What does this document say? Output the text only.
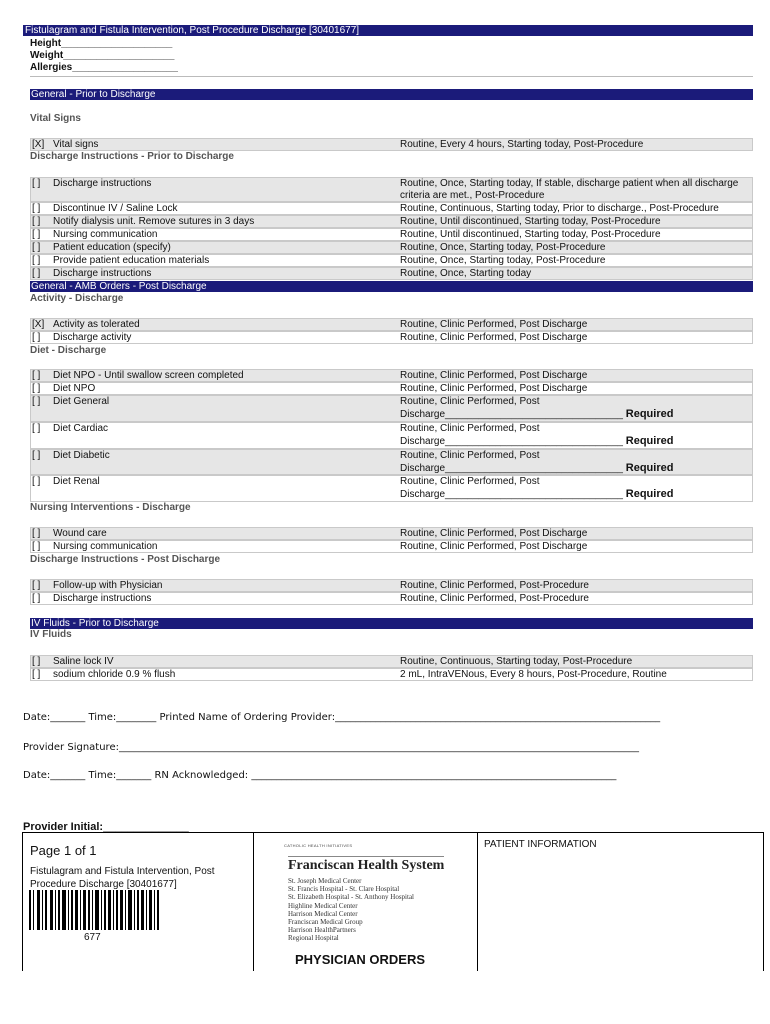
Fistulagram and Fistula Intervention, Post Procedure Discharge [30401677]
Height____________________
Weight____________________
Allergies___________________
General - Prior to Discharge
Vital Signs
[X] Vital signs	Routine, Every 4 hours, Starting today, Post-Procedure
Discharge Instructions - Prior to Discharge
[ ] Discharge instructions	Routine, Once, Starting today, If stable, discharge patient when all discharge criteria are met., Post-Procedure
[ ] Discontinue IV / Saline Lock	Routine, Continuous, Starting today, Prior to discharge., Post-Procedure
[ ] Notify dialysis unit. Remove sutures in 3 days	Routine, Until discontinued, Starting today, Post-Procedure
[ ] Nursing communication	Routine, Until discontinued, Starting today, Post-Procedure
[ ] Patient education (specify)	Routine, Once, Starting today, Post-Procedure
[ ] Provide patient education materials	Routine, Once, Starting today, Post-Procedure
[ ] Discharge instructions	Routine, Once, Starting today
General - AMB Orders - Post Discharge
Activity - Discharge
[X] Activity as tolerated	Routine, Clinic Performed, Post Discharge
[ ] Discharge activity	Routine, Clinic Performed, Post Discharge
Diet - Discharge
[ ] Diet NPO - Until swallow screen completed	Routine, Clinic Performed, Post Discharge
[ ] Diet NPO	Routine, Clinic Performed, Post Discharge
[ ] Diet General	Routine, Clinic Performed, Post
Discharge________________________________ Required
[ ] Diet Cardiac	Routine, Clinic Performed, Post
Discharge________________________________ Required
[ ] Diet Diabetic	Routine, Clinic Performed, Post
Discharge________________________________ Required
[ ] Diet Renal	Routine, Clinic Performed, Post
Discharge________________________________ Required
Nursing Interventions - Discharge
[ ] Wound care	Routine, Clinic Performed, Post Discharge
[ ] Nursing communication	Routine, Clinic Performed, Post Discharge
Discharge Instructions - Post Discharge
[ ] Follow-up with Physician	Routine, Clinic Performed, Post-Procedure
[ ] Discharge instructions	Routine, Clinic Performed, Post-Procedure
IV Fluids - Prior to Discharge
IV Fluids
[ ] Saline lock IV	Routine, Continuous, Starting today, Post-Procedure
[ ] sodium chloride 0.9 % flush	2 mL, IntraVENous, Every 8 hours, Post-Procedure, Routine
Date:_______ Time:________ Printed Name of Ordering Provider:_________________________________________________________________
Provider Signature:________________________________________________________________________________________________________
Date:_______ Time:_______ RN Acknowledged: _________________________________________________________________________
Provider Initial:______________
Page 1 of 1
Fistulagram and Fistula Intervention, Post Procedure Discharge [30401677]
677
CATHOLIC HEALTH INITIATIVES
Franciscan Health System
St. Joseph Medical Center
St. Francis Hospital - St. Clare Hospital
St. Elizabeth Hospital - St. Anthony Hospital
Highline Medical Center
Harrison Medical Center
Franciscan Medical Group
Harrison HealthPartners
Regional Hospital
PHYSICIAN ORDERS
PATIENT INFORMATION
